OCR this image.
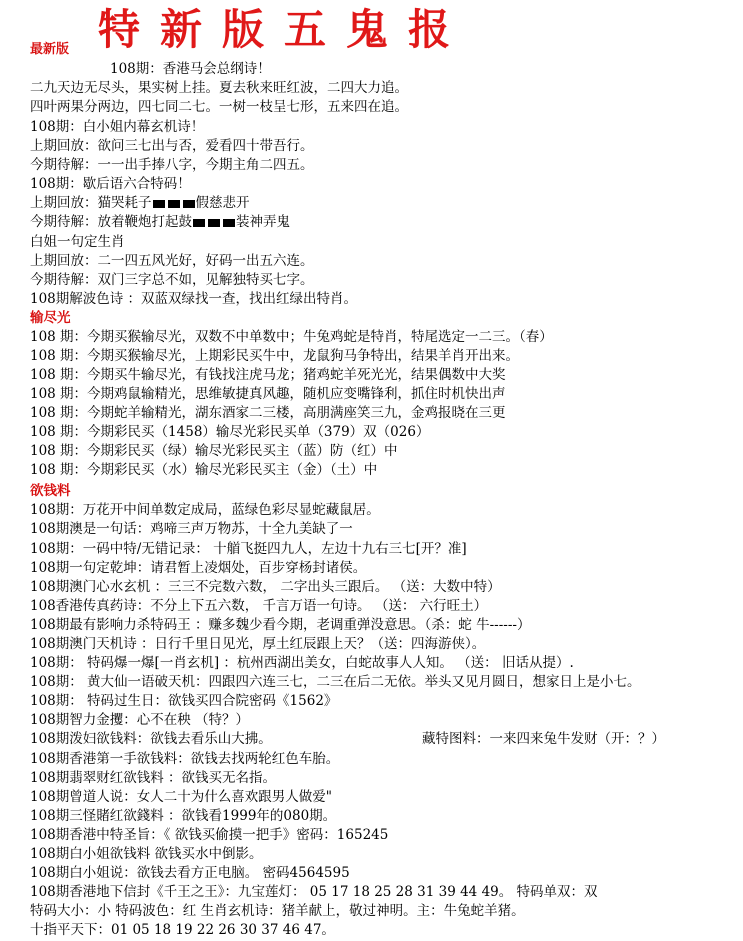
最新版 特新版五鬼报
108期：香港马会总纲诗！
二九天边无尽头，果实树上挂。夏去秋来旺红波，二四大力追。
四叶两果分两边，四七同二七。一树一枝呈七形，五来四在追。
108期：白小姐内幕玄机诗！
上期回放：欲问三七出与否，爱看四十带吾行。
今期待解：一一出手捧八字，今期主角二四五。
108期：歇后语六合特码！
上期回放：猫哭耗子	假慈悲开
今期待解：放着鞭炮打起鼓	装神弄鬼
白姐一句定生肖
上期回放：二一四五风光好，好码一出五六连。
今期待解：双门三字总不如，见解独特买七字。
108期解波色诗 ：双蓝双绿找一查，找出红绿出特肖。
输尽光
108 期：今期买猴输尽光，双数不中单数中；牛兔鸡蛇是特肖，特尾选定一二三。（春）
108 期：今期买猴输尽光，上期彩民买牛中，龙鼠狗马争特出，结果羊肖开出来。
108 期：今期买牛输尽光，有钱找注虎马龙；猪鸡蛇羊死光光，结果偶数中大奖
108 期：今期鸡鼠输精光，思维敏捷真风趣，随机应变嘴锋利，抓住时机快出声
108 期：今期蛇羊输精光，湖东酒家二三楼，高朋满座笑三九，金鸡报晓在三更
108 期：今期彩民买（1458）输尽光彩民买单（379）双（026）
108 期：今期彩民买（绿）输尽光彩民买主（蓝）防（红）中
108 期：今期彩民买（水）输尽光彩民买主（金）（土）中
欲钱料
108期：万花开中间单数定成局，蓝绿色彩尽显蛇藏鼠居。
108期澳是一句话：鸡啼三声万物苏，十全九美缺了一
108期：一码中特/无错记录： 十艏飞挺四九人，左边十九右三七[开？准]
108期一句定乾坤：请君暂上凌烟处，百步穿杨封诸侯。
108期澳门心水玄机 ：三三不完数六数， 二字出头三跟后。 （送：大数中特）
108香港传真药诗：不分上下五六数， 千言万语一句诗。 （送： 六行旺土）
108期最有影响力杀特码王 ：赚多魏少看今期，老调重弹没意思。（杀：蛇 牛------）
108期澳门天机诗 ：日行千里日见光，厚土红辰跟上天？（送：四海游侠）。
108期： 特码爆一爆[一肖玄机] ：杭州西湖出美女，白蛇故事人人知。 （送： 旧话从提）.
108期： 黄大仙一语破天机：四跟四六连三七，二三在后二无依。举头又见月圆日，想家日上是小七。
108期： 特码过生日：欲钱买四合院密码《1562》
108期智力金攫：心不在秧 （特？）
108期泼妇欲钱料：欲钱去看乐山大拂。	藏特图料：一来四来兔牛发财（开：？）
108期香港第一手欲钱料：欲钱去找两轮红色车胎。
108期翡翠财红欲钱料 ：欲钱买无名指。
108期曾道人说：女人二十为什么喜欢跟男人做爱"
108期三怪賭红欲錢料 ：欲钱看1999年的080期。
108期香港中特圣旨：《 欲钱买偷摸一把手》密码：165245
108期白小姐欲钱料 欲钱买水中倒影。
108期白小姐说：欲钱去看方正电脑。 密码4564595
108期香港地下信封《千王之王》：九宝莲灯： 05 17 18 25 28 31 39 44 49。 特码单双：双
特码大小：小 特码波色：红 生肖玄机诗：猪羊献上，敬过神明。主：牛兔蛇羊猪。
十指平天下：01 05 18 19 22 26 30 37 46 47。
